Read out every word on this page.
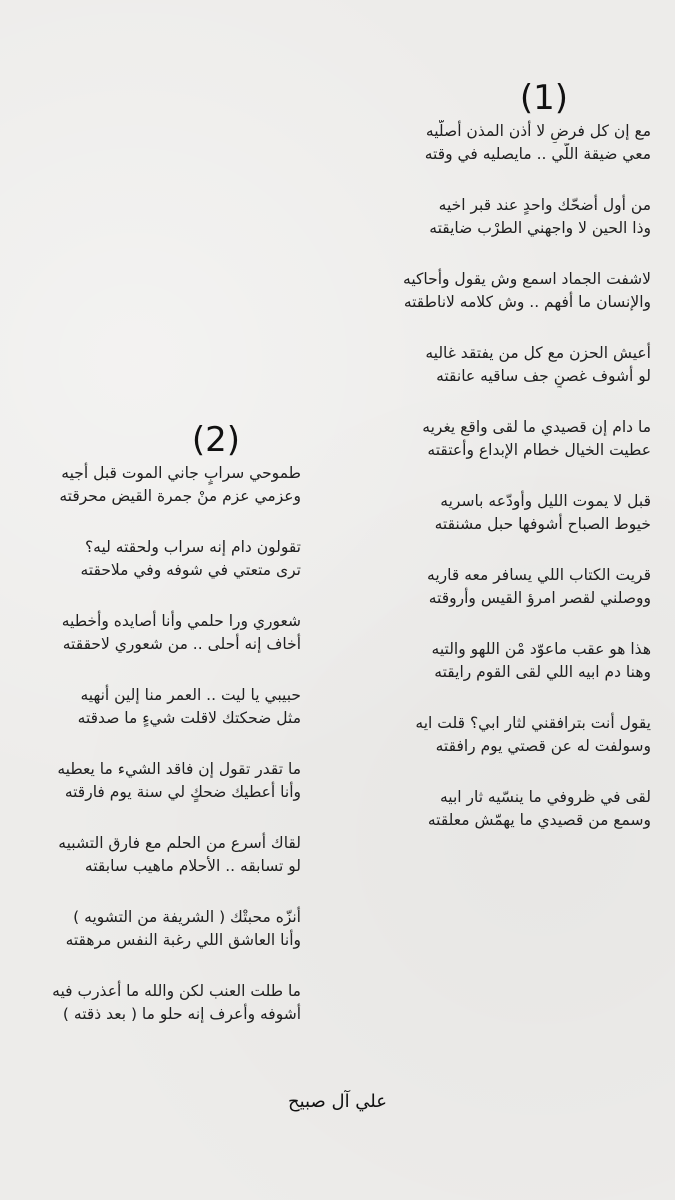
(1)
مع إن كل فرضٍ لا أذن المذن أصلّيه
معي ضيقة اللّي .. مايصليه في وقته
من أول أضحّك واحدٍ عند قبر اخيه
وذا الحين لا واجهني الطرْب ضايقته
لاشفت الجماد اسمع وش يقول وأحاكيه
والإنسان ما أفهم .. وش كلامه لاناطقته
أعيش الحزن مع كل من يفتقد غاليه
لو أشوف غصنٍ جف ساقيه عانقته
ما دام إن قصيدي ما لقى واقع يغريه
عطيت الخيال خطام الإبداع وأعتقته
قبل لا يموت الليل وأودّعه باسريه
خيوط الصباح أشوفها حبل مشنقته
قريت الكتاب اللي يسافر معه قاريه
ووصلني لقصر امرؤ القيس وأروقته
هذا هو عقب ماعوّد مْن اللهو والتيه
وهنا دم ابيه اللي لقى القوم رايقته
يقول أنت بترافقني لثار ابي؟ قلت ايه
وسولفت له عن قصتي يوم رافقته
لقى في ظروفي ما ينسّيه ثار ابيه
وسمع من قصيدي ما يهمّش معلقته
(2)
طموحي سرابٍ جاني الموت قبل أجيه
وعزمي عزم منْ جمرة القيض محرقته
تقولون دام إنه سراب ولحقته ليه؟
ترى متعتي في شوفه وفي ملاحقته
شعوري ورا حلمي وأنا أصايده وأخطيه
أخاف إنه أحلى .. من شعوري لاحققته
حبيبي يا ليت .. العمر منا إلين أنهيه
مثل ضحكتك لاقلت شيءٍ ما صدقته
ما تقدر تقول إن فاقد الشيء ما يعطيه
وأنا أعطيك ضحكٍ لي سنة يوم فارقته
لقاك أسرع من الحلم مع فارق التشبيه
لو تسابقه .. الأحلام ماهيب سابقته
أنزّه محبتْك ( الشريفة من التشويه )
وأنا العاشق اللي رغبة النفس مرهقته
ما طلت العنب لكن والله ما أعذرب فيه
أشوفه وأعرف إنه حلو ما ( بعد ذقته )
علي آل صبيح
